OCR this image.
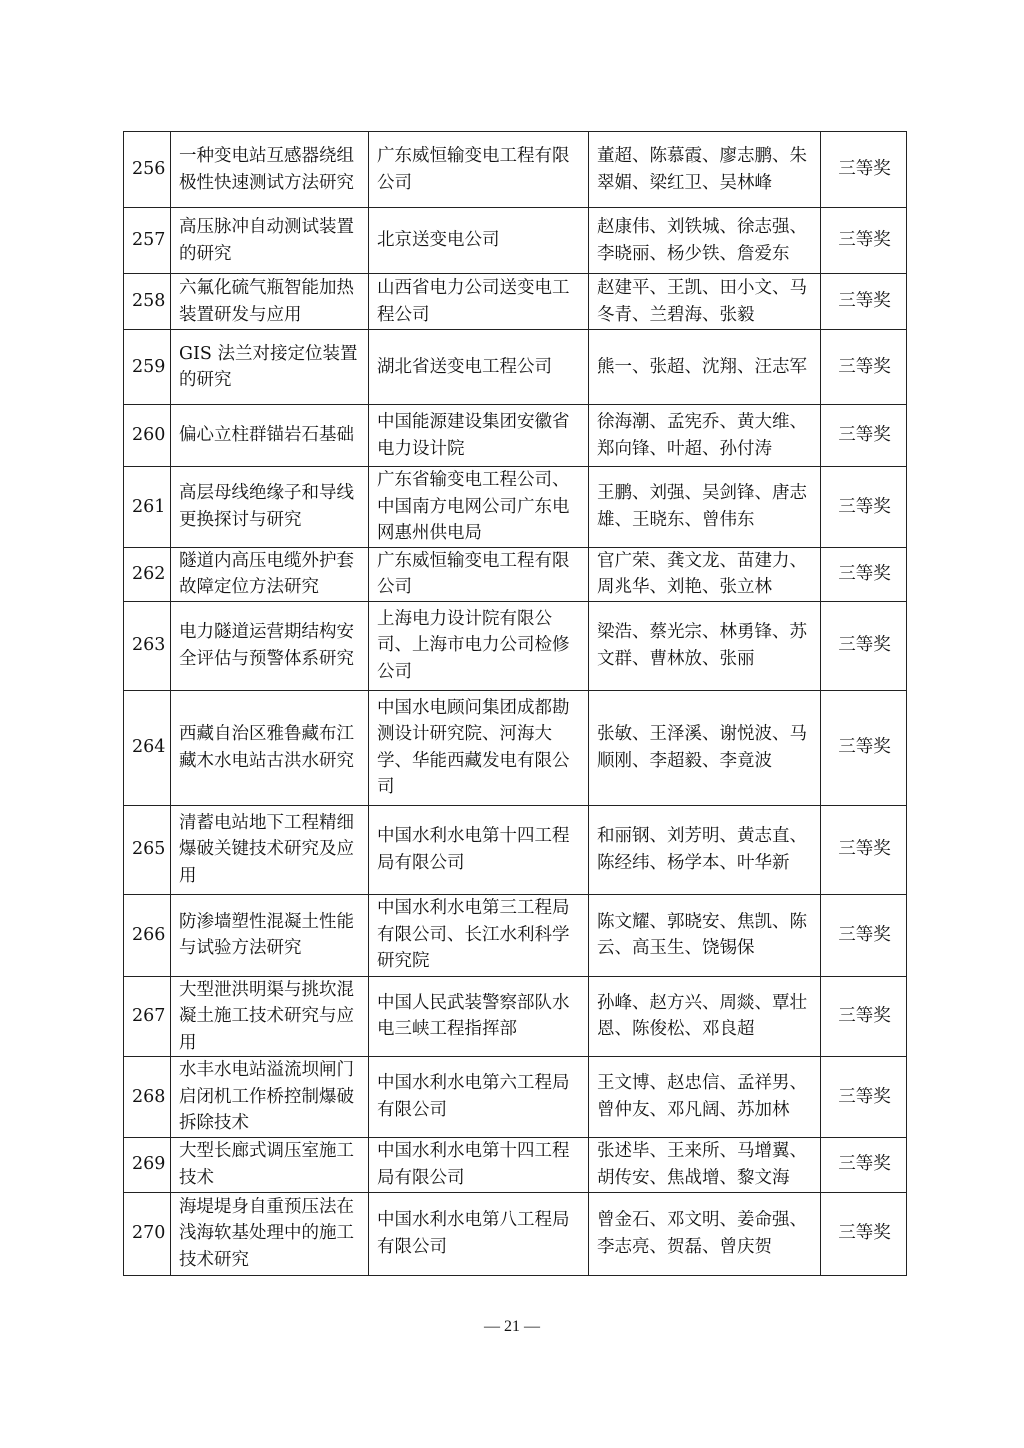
256	一种变电站互感器绕组极性快速测试方法研究	广东威恒输变电工程有限公司	董超、陈慕霞、廖志鹏、朱翠媚、梁红卫、吴林峰	三等奖
257	高压脉冲自动测试装置的研究	北京送变电公司	赵康伟、刘铁城、徐志强、李晓丽、杨少铁、詹爱东	三等奖
258	六氟化硫气瓶智能加热装置研发与应用	山西省电力公司送变电工程公司	赵建平、王凯、田小文、马冬青、兰碧海、张毅	三等奖
259	GIS 法兰对接定位装置的研究	湖北省送变电工程公司	熊一、张超、沈翔、汪志军	三等奖
260	偏心立柱群锚岩石基础	中国能源建设集团安徽省电力设计院	徐海潮、孟宪乔、黄大维、郑向锋、叶超、孙付涛	三等奖
261	高层母线绝缘子和导线更换探讨与研究	广东省输变电工程公司、中国南方电网公司广东电网惠州供电局	王鹏、刘强、吴剑锋、唐志雄、王晓东、曾伟东	三等奖
262	隧道内高压电缆外护套故障定位方法研究	广东威恒输变电工程有限公司	官广荣、龚文龙、苗建力、周兆华、刘艳、张立林	三等奖
263	电力隧道运营期结构安全评估与预警体系研究	上海电力设计院有限公司、上海市电力公司检修公司	梁浩、蔡光宗、林勇锋、苏文群、曹林放、张丽	三等奖
264	西藏自治区雅鲁藏布江藏木水电站古洪水研究	中国水电顾问集团成都勘测设计研究院、河海大学、华能西藏发电有限公司	张敏、王泽溪、谢悦波、马顺刚、李超毅、李竟波	三等奖
265	清蓄电站地下工程精细爆破关键技术研究及应用	中国水利水电第十四工程局有限公司	和丽钢、刘芳明、黄志直、陈经纬、杨学本、叶华新	三等奖
266	防渗墙塑性混凝土性能与试验方法研究	中国水利水电第三工程局有限公司、长江水利科学研究院	陈文耀、郭晓安、焦凯、陈云、高玉生、饶锡保	三等奖
267	大型泄洪明渠与挑坎混凝土施工技术研究与应用	中国人民武装警察部队水电三峡工程指挥部	孙峰、赵方兴、周燚、覃壮恩、陈俊松、邓良超	三等奖
268	水丰水电站溢流坝闸门启闭机工作桥控制爆破拆除技术	中国水利水电第六工程局有限公司	王文博、赵忠信、孟祥男、曾仲友、邓凡阔、苏加林	三等奖
269	大型长廊式调压室施工技术	中国水利水电第十四工程局有限公司	张述毕、王来所、马增翼、胡传安、焦战增、黎文海	三等奖
270	海堤堤身自重预压法在浅海软基处理中的施工技术研究	中国水利水电第八工程局有限公司	曾金石、邓文明、姜命强、李志亮、贺磊、曾庆贺	三等奖
— 21 —
